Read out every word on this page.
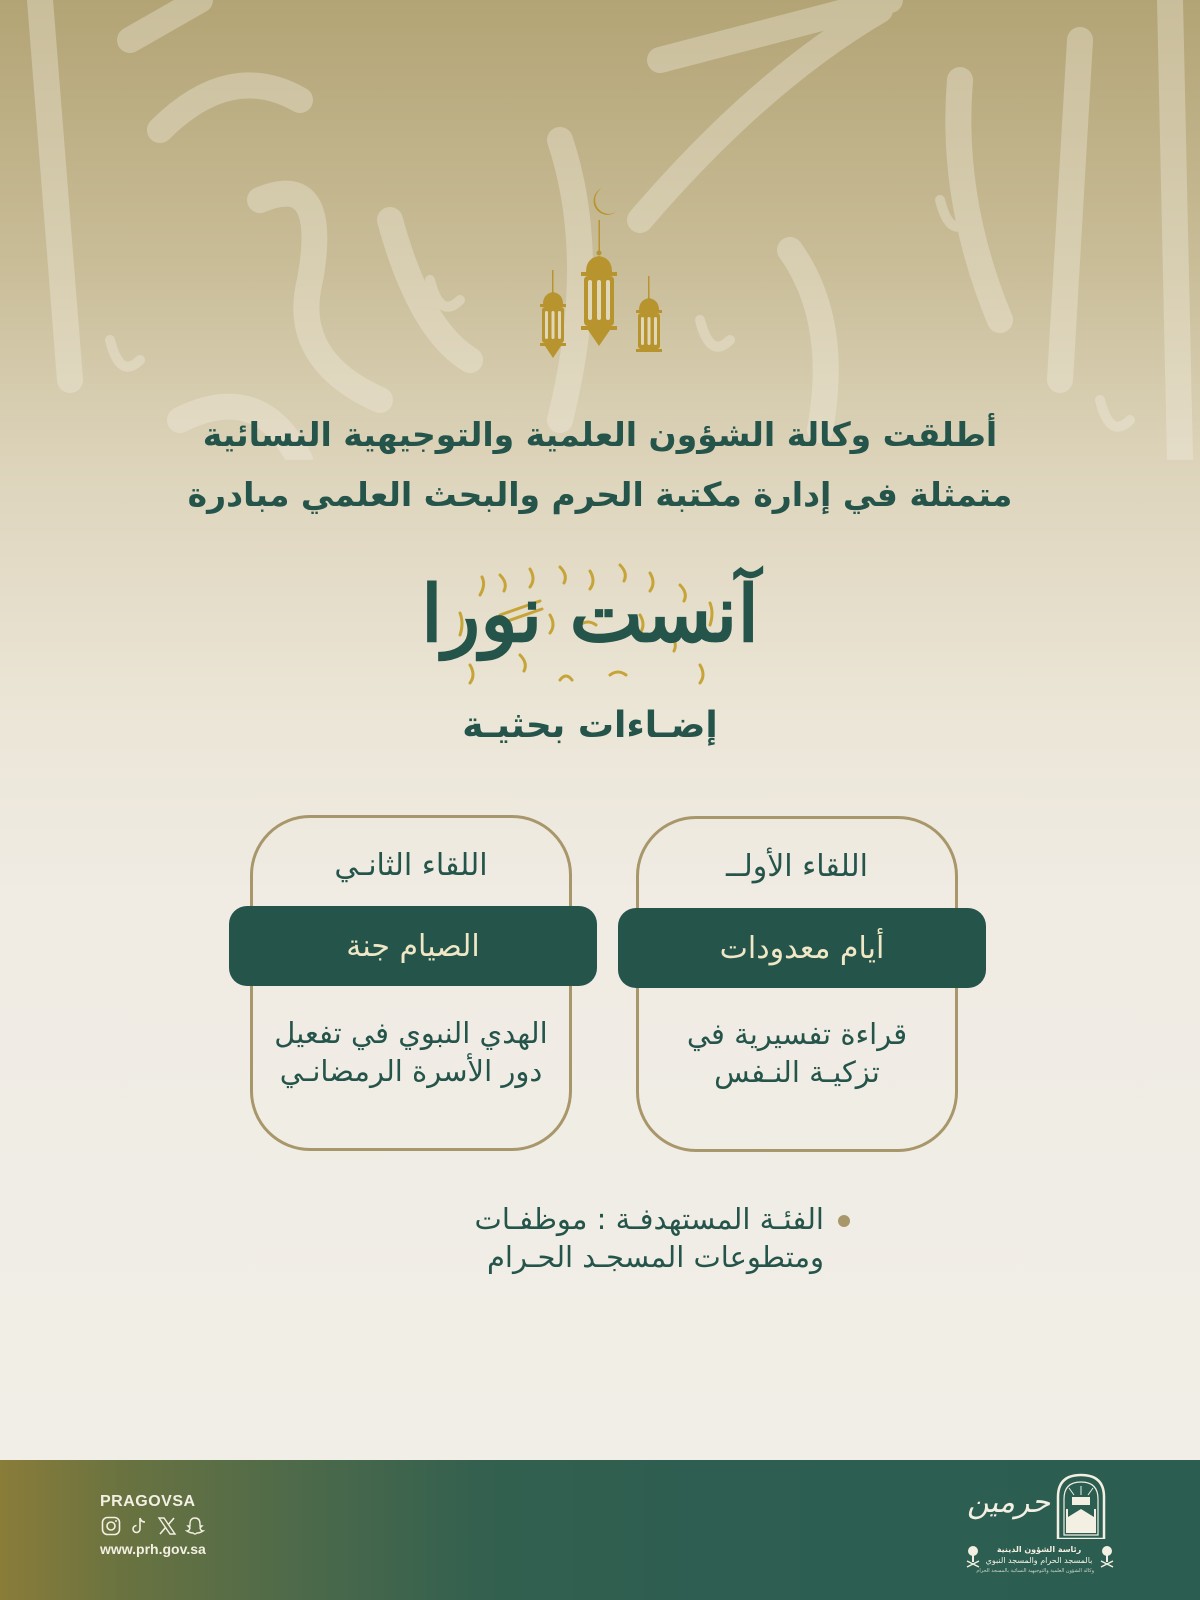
أطلقت وكالة الشؤون العلمية والتوجيهية النسائية
متمثلة في إدارة مكتبة الحرم والبحث العلمي مبادرة
آنست نورا
إضـاءات بحثيـة
اللقاء الأولــ
قراءة تفسيرية في
تزكيـة النـفس
أيام معدودات
اللقاء الثانـي
الهدي النبوي في تفعيل
دور الأسرة الرمضانـي
الصيام جنة
الفئـة المستهدفـة : موظفـات
ومتطوعات المسجـد الحـرام
PRAGOVSA
www.prh.gov.sa
حرمين
رئاسة الشؤون الدينية
بالمسجد الحرام والمسجد النبوي
وكالة الشؤون العلمية والتوجيهية النسائية بالمسجد الحرام
